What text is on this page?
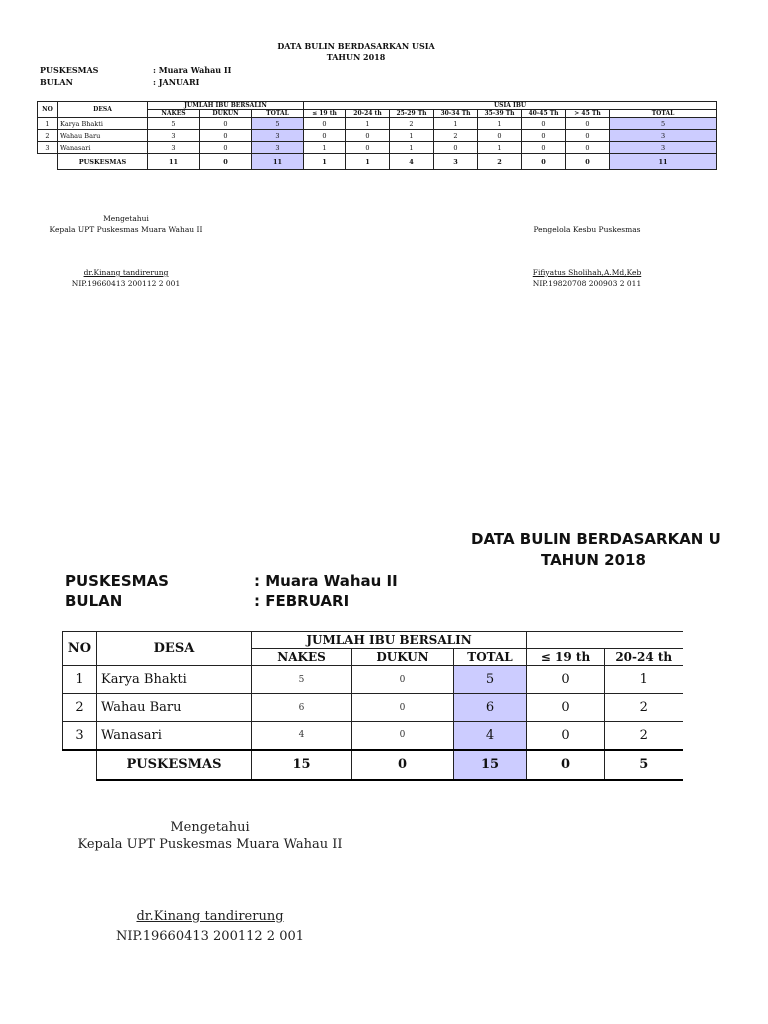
DATA BULIN BERDASARKAN USIA
TAHUN 2018
PUSKESMAS	: Muara Wahau II
BULAN	: JANUARI
NO	DESA	JUMLAH IBU BERSALIN			USIA IBU							
		NAKES	DUKUN	TOTAL	≤ 19 th	20-24 th	25-29 Th	30-34 Th	35-39 Th	40-45 Th	> 45 Th	TOTAL
1	Karya Bhakti	5	0	5	0	1	2	1	1	0	0	5
2	Wahau Baru	3	0	3	0	0	1	2	0	0	0	3
3	Wanasari	3	0	3	1	0	1	0	1	0	0	3
	PUSKESMAS	11	0	11	1	1	4	3	2	0	0	11
Mengetahui
Kepala UPT Puskesmas Muara Wahau II
dr.Kinang tandirerung
NIP.19660413 200112 2 001
Pengelola Kesbu Puskesmas
Fifiyatus Sholihah,A.Md,Keb
NIP.19820708 200903 2 011
DATA BULIN BERDASARKAN U
TAHUN 2018
PUSKESMAS	: Muara Wahau II
BULAN	: FEBRUARI
NO	DESA	JUMLAH IBU BERSALIN				
		NAKES	DUKUN	TOTAL	≤ 19 th	20-24 th
1	Karya Bhakti	5	0	5	0	1
2	Wahau Baru	6	0	6	0	2
3	Wanasari	4	0	4	0	2
	PUSKESMAS	15	0	15	0	5
Mengetahui
Kepala UPT Puskesmas Muara Wahau II
dr.Kinang tandirerung
NIP.19660413 200112 2 001
